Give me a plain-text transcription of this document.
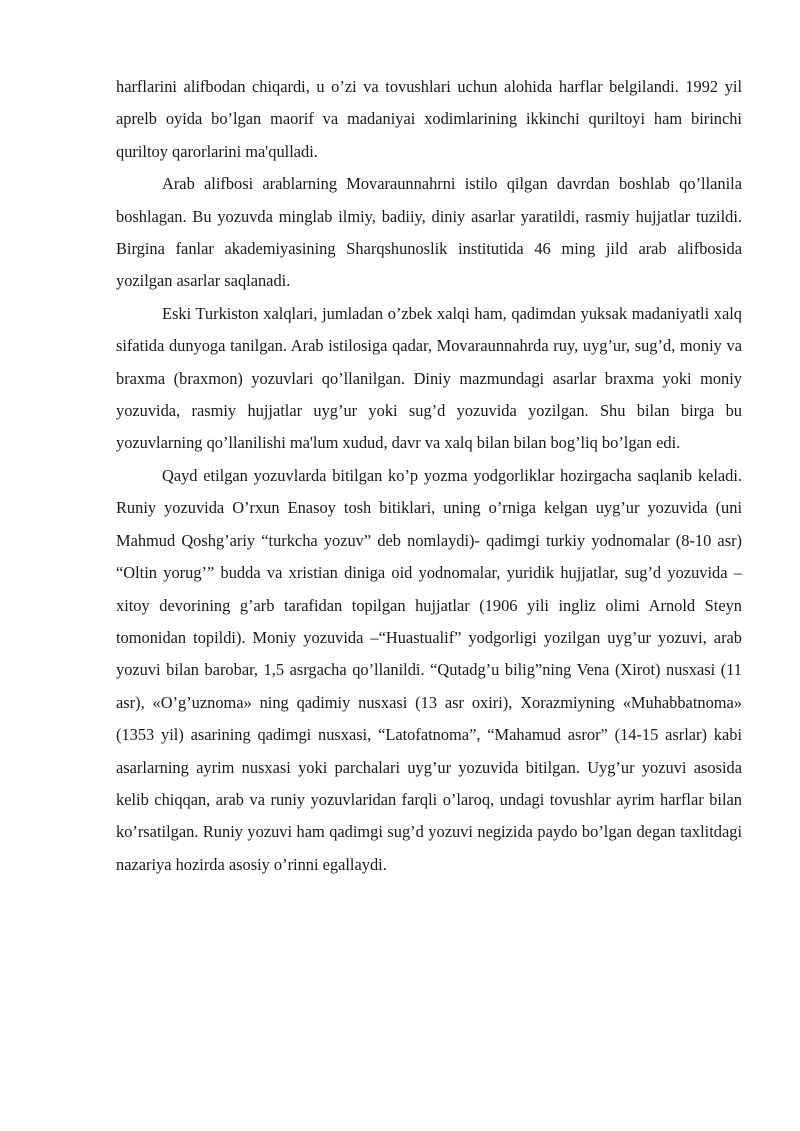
harflarini alifbodan chiqardi, u o’zi va tovushlari uchun alohida harflar belgilandi. 1992 yil aprelb oyida bo’lgan maorif va madaniyai xodimlarining ikkinchi quriltoyi ham birinchi quriltoy qarorlarini ma'qulladi.

Arab alifbosi arablarning Movaraunnahrni istilo qilgan davrdan boshlab qo’llanila boshlagan. Bu yozuvda minglab ilmiy, badiiy, diniy asarlar yaratildi, rasmiy hujjatlar tuzildi. Birgina fanlar akademiyasining Sharqshunoslik institutida 46 ming jild arab alifbosida yozilgan asarlar saqlanadi.

Eski Turkiston xalqlari, jumladan o’zbek xalqi ham, qadimdan yuksak madaniyatli xalq sifatida dunyoga tanilgan. Arab istilosiga qadar, Movaraunnahrda ruy, uyg’ur, sug’d, moniy va braxma (braxmon) yozuvlari qo’llanilgan. Diniy mazmundagi asarlar braxma yoki moniy yozuvida, rasmiy hujjatlar uyg’ur yoki sug’d yozuvida yozilgan. Shu bilan birga bu yozuvlarning qo’llanilishi ma'lum xudud, davr va xalq bilan bilan bog’liq bo’lgan edi.

Qayd etilgan yozuvlarda bitilgan ko’p yozma yodgorliklar hozirgacha saqlanib keladi. Runiy yozuvida O’rxun Enasoy tosh bitiklari, uning o’rniga kelgan uyg’ur yozuvida (uni Mahmud Qoshg’ariy “turkcha yozuv” deb nomlaydi)- qadimgi turkiy yodnomalar (8-10 asr) “Oltin yorug’” budda va xristian diniga oid yodnomalar, yuridik hujjatlar, sug’d yozuvida –xitoy devorining g’arb tarafidan topilgan hujjatlar (1906 yili ingliz olimi Arnold Steyn tomonidan topildi). Moniy yozuvida –“Huastualif” yodgorligi yozilgan uyg’ur yozuvi, arab yozuvi bilan barobar, 1,5 asrgacha qo’llanildi. “Qutadg’u bilig”ning Vena (Xirot) nusxasi (11 asr), «O’g’uznoma» ning qadimiy nusxasi (13 asr oxiri), Xorazmiyning «Muhabbatnoma» (1353 yil) asarining qadimgi nusxasi, “Latofatnoma”, “Mahamud asror” (14-15 asrlar) kabi asarlarning ayrim nusxasi yoki parchalari uyg’ur yozuvida bitilgan. Uyg’ur yozuvi asosida kelib chiqqan, arab va runiy yozuvlaridan farqli o’laroq, undagi tovushlar ayrim harflar bilan ko’rsatilgan. Runiy yozuvi ham qadimgi sug’d yozuvi negizida paydo bo’lgan degan taxlitdagi nazariya hozirda asosiy o’rinni egallaydi.
